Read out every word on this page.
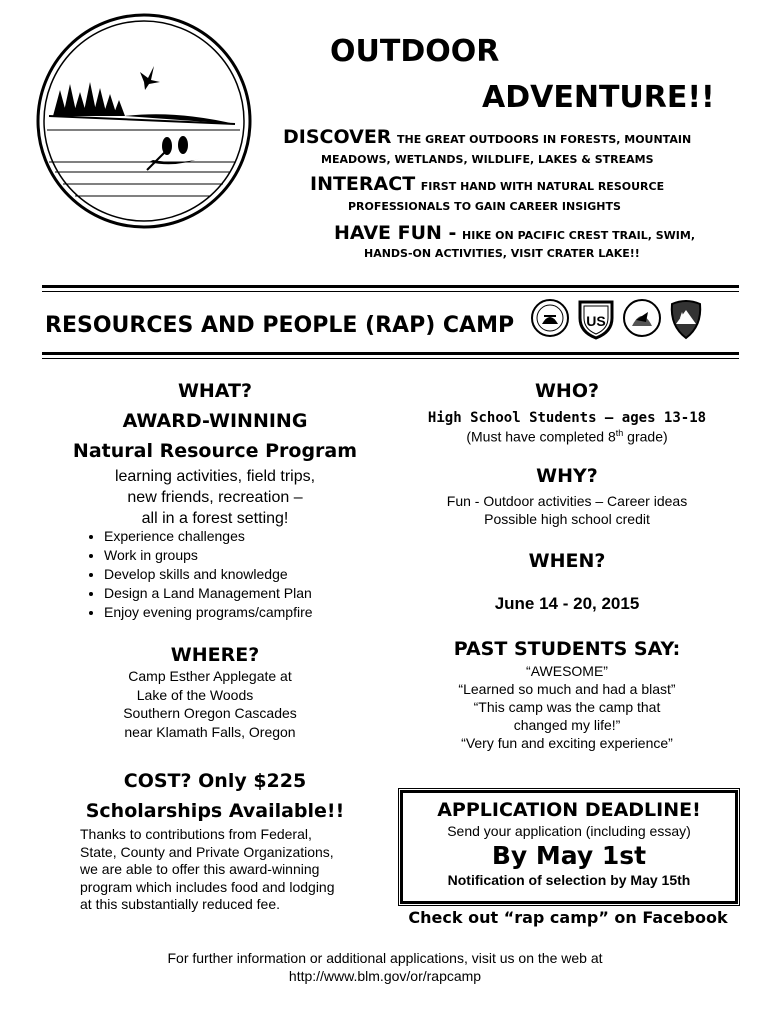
OUTDOOR
ADVENTURE!!
DISCOVER THE GREAT OUTDOORS IN FORESTS, MOUNTAIN
MEADOWS, WETLANDS, WILDLIFE, LAKES & STREAMS
INTERACT FIRST HAND WITH NATURAL RESOURCE
PROFESSIONALS TO GAIN CAREER INSIGHTS
HAVE FUN - HIKE ON PACIFIC CREST TRAIL, SWIM,
HANDS-ON ACTIVITIES, VISIT CRATER LAKE!!
RESOURCES AND PEOPLE (RAP) CAMP	US
WHAT?
AWARD-WINNING
Natural Resource Program
learning activities, field trips,
new friends, recreation –
all in a forest setting!
• Experience challenges
• Work in groups
• Develop skills and knowledge
• Design a Land Management Plan
• Enjoy evening programs/campfire
WHERE?
Camp Esther Applegate at
Lake of the Woods
Southern Oregon Cascades
near Klamath Falls, Oregon
COST? Only $225
Scholarships Available!!
Thanks to contributions from Federal,
State, County and Private Organizations,
we are able to offer this award-winning
program which includes food and lodging
at this substantially reduced fee.
WHO?
High School Students – ages 13-18
(Must have completed 8th grade)
WHY?
Fun - Outdoor activities – Career ideas
Possible high school credit
WHEN?
June 14 - 20, 2015
PAST STUDENTS SAY:
“AWESOME”
“Learned so much and had a blast”
“This camp was the camp that
changed my life!”
“Very fun and exciting experience”
APPLICATION DEADLINE!
Send your application (including essay)
By May 1st
Notification of selection by May 15th
Check out “rap camp” on Facebook
For further information or additional applications, visit us on the web at
http://www.blm.gov/or/rapcamp
